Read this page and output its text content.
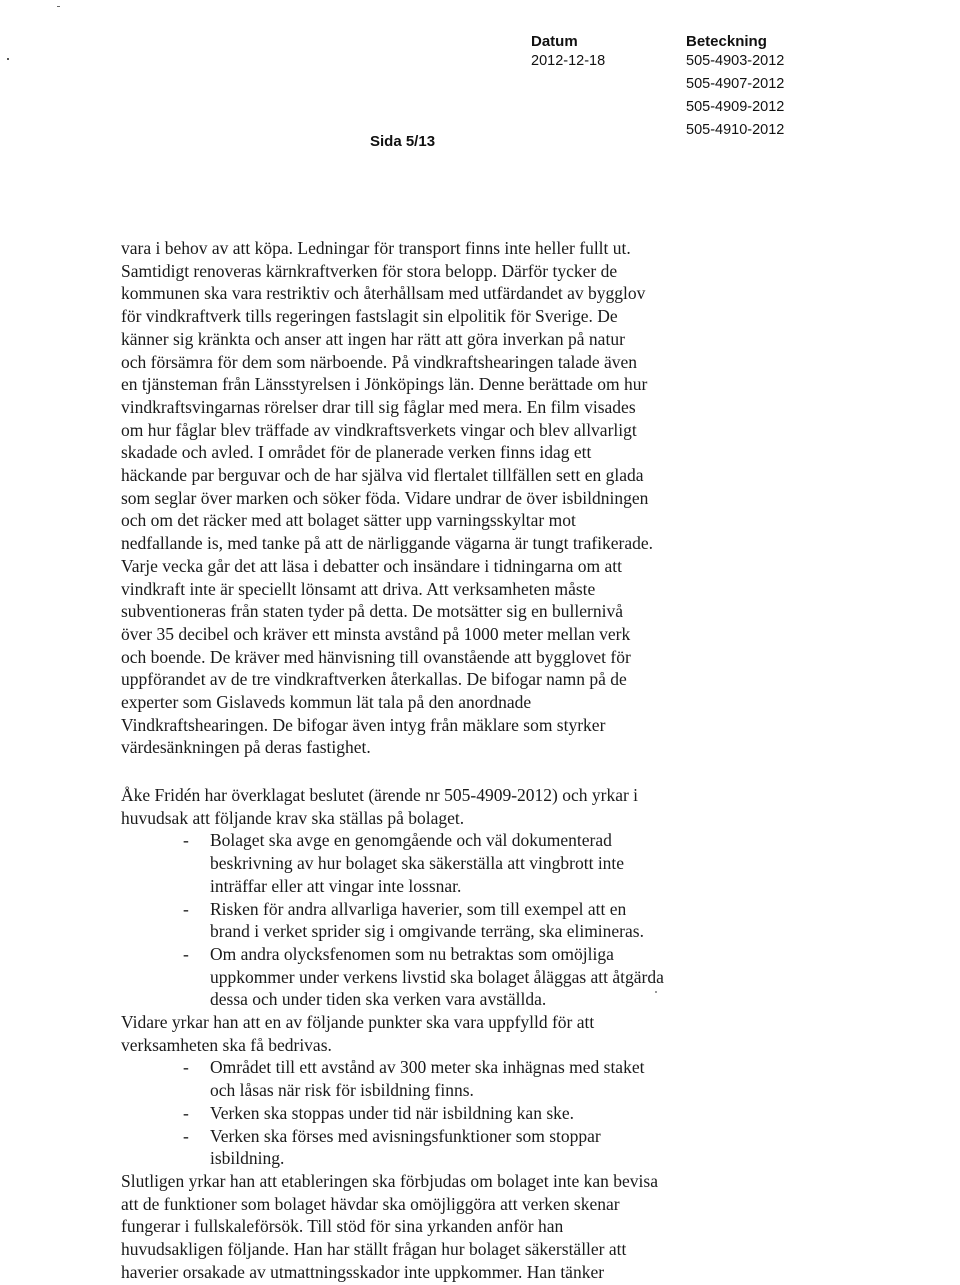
Datum
2012-12-18
Beteckning
505-4903-2012
505-4907-2012
505-4909-2012
505-4910-2012
Sida 5/13
vara i behov av att köpa. Ledningar för transport finns inte heller fullt ut.
Samtidigt renoveras kärnkraftverken för stora belopp. Därför tycker de
kommunen ska vara restriktiv och återhållsam med utfärdandet av bygglov
för vindkraftverk tills regeringen fastslagit sin elpolitik för Sverige. De
känner sig kränkta och anser att ingen har rätt att göra inverkan på natur
och försämra för dem som närboende. På vindkraftshearingen talade även
en tjänsteman från Länsstyrelsen i Jönköpings län. Denne berättade om hur
vindkraftsvingarnas rörelser drar till sig fåglar med mera. En film visades
om hur fåglar blev träffade av vindkraftsverkets vingar och blev allvarligt
skadade och avled. I området för de planerade verken finns idag ett
häckande par berguvar och de har själva vid flertalet tillfällen sett en glada
som seglar över marken och söker föda. Vidare undrar de över isbildningen
och om det räcker med att bolaget sätter upp varningsskyltar mot
nedfallande is, med tanke på att de närliggande vägarna är tungt trafikerade.
Varje vecka går det att läsa i debatter och insändare i tidningarna om att
vindkraft inte är speciellt lönsamt att driva. Att verksamheten måste
subventioneras från staten tyder på detta. De motsätter sig en bullernivå
över 35 decibel och kräver ett minsta avstånd på 1000 meter mellan verk
och boende. De kräver med hänvisning till ovanstående att bygglovet för
uppförandet av de tre vindkraftverken återkallas. De bifogar namn på de
experter som Gislaveds kommun lät tala på den anordnade
Vindkraftshearingen. De bifogar även intyg från mäklare som styrker
värdesänkningen på deras fastighet.
Åke Fridén har överklagat beslutet (ärende nr 505-4909-2012) och yrkar i
huvudsak att följande krav ska ställas på bolaget.
- Bolaget ska avge en genomgående och väl dokumenterad
beskrivning av hur bolaget ska säkerställa att vingbrott inte
inträffar eller att vingar inte lossnar.
- Risken för andra allvarliga haverier, som till exempel att en
brand i verket sprider sig i omgivande terräng, ska elimineras.
- Om andra olycksfenomen som nu betraktas som omöjliga
uppkommer under verkens livstid ska bolaget åläggas att åtgärda
dessa och under tiden ska verken vara avställda.
Vidare yrkar han att en av följande punkter ska vara uppfylld för att
verksamheten ska få bedrivas.
- Området till ett avstånd av 300 meter ska inhägnas med staket
och låsas när risk för isbildning finns.
- Verken ska stoppas under tid när isbildning kan ske.
- Verken ska förses med avisningsfunktioner som stoppar
isbildning.
Slutligen yrkar han att etableringen ska förbjudas om bolaget inte kan bevisa
att de funktioner som bolaget hävdar ska omöjliggöra att verken skenar
fungerar i fullskaleförsök. Till stöd för sina yrkanden anför han
huvudsakligen följande. Han har ställt frågan hur bolaget säkerställer att
haverier orsakade av utmattningsskador inte uppkommer. Han tänker
